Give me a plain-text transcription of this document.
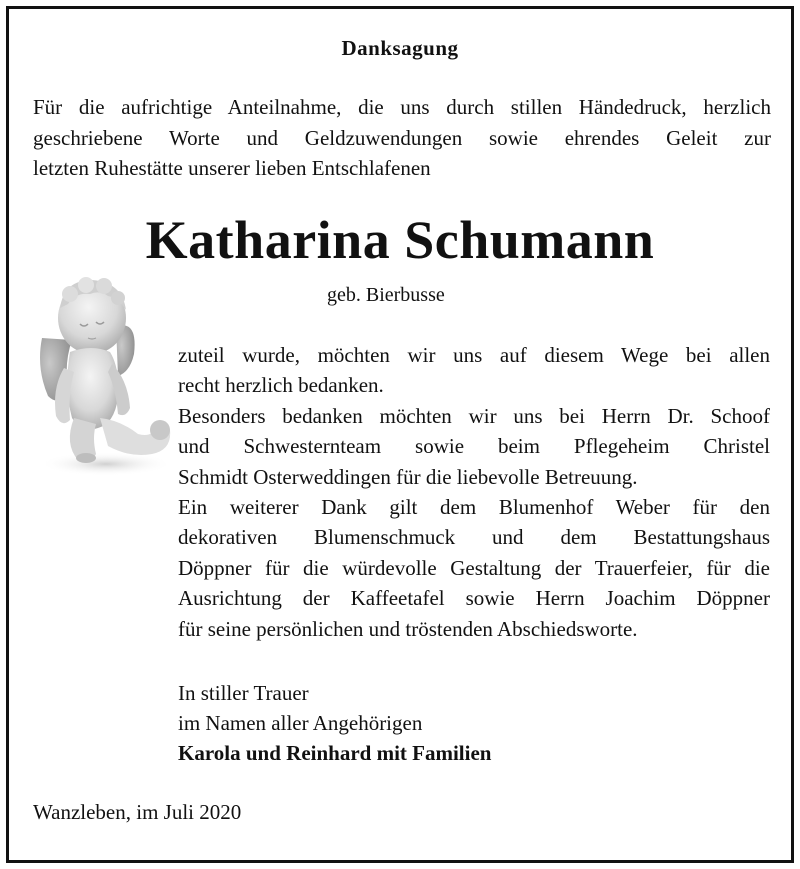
Danksagung
Für die aufrichtige Anteilnahme, die uns durch stillen Händedruck, herzlich
geschriebene Worte und Geldzuwendungen sowie ehrendes Geleit zur
letzten Ruhestätte unserer lieben Entschlafenen
Katharina Schumann
geb. Bierbusse
zuteil wurde, möchten wir uns auf diesem Wege bei allen
recht herzlich bedanken.
Besonders bedanken möchten wir uns bei Herrn Dr. Schoof
und Schwesternteam sowie beim Pflegeheim Christel
Schmidt Osterweddingen für die liebevolle Betreuung.
Ein weiterer Dank gilt dem Blumenhof Weber für den
dekorativen Blumenschmuck und dem Bestattungshaus
Döppner für die würdevolle Gestaltung der Trauerfeier, für die
Ausrichtung der Kaffeetafel sowie Herrn Joachim Döppner
für seine persönlichen und tröstenden Abschiedsworte.
In stiller Trauer
im Namen aller Angehörigen
Karola und Reinhard mit Familien
Wanzleben, im Juli 2020
